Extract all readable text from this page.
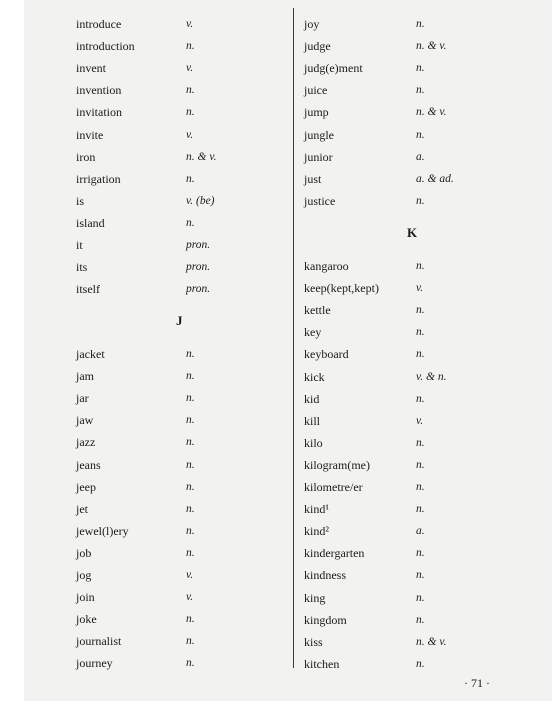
J
introduce	v.
introduction	n.
invent	v.
invention	n.
invitation	n.
invite	v.
iron	n. & v.
irrigation	n.
is	v. (be)
island	n.
it	pron.
its	pron.
itself	pron.
jacket	n.
jam	n.
jar	n.
jaw	n.
jazz	n.
jeans	n.
jeep	n.
jet	n.
jewel(l)ery	n.
job	n.
jog	v.
join	v.
joke	n.
journalist	n.
journey	n.
K
joy	n.
judge	n. & v.
judg(e)ment	n.
juice	n.
jump	n. & v.
jungle	n.
junior	a.
just	a. & ad.
justice	n.
kangaroo	n.
keep(kept,kept)	v.
kettle	n.
key	n.
keyboard	n.
kick	v. & n.
kid	n.
kill	v.
kilo	n.
kilogram(me)	n.
kilometre/er	n.
kind¹	n.
kind²	a.
kindergarten	n.
kindness	n.
king	n.
kingdom	n.
kiss	n. & v.
kitchen	n.
· 71 ·
